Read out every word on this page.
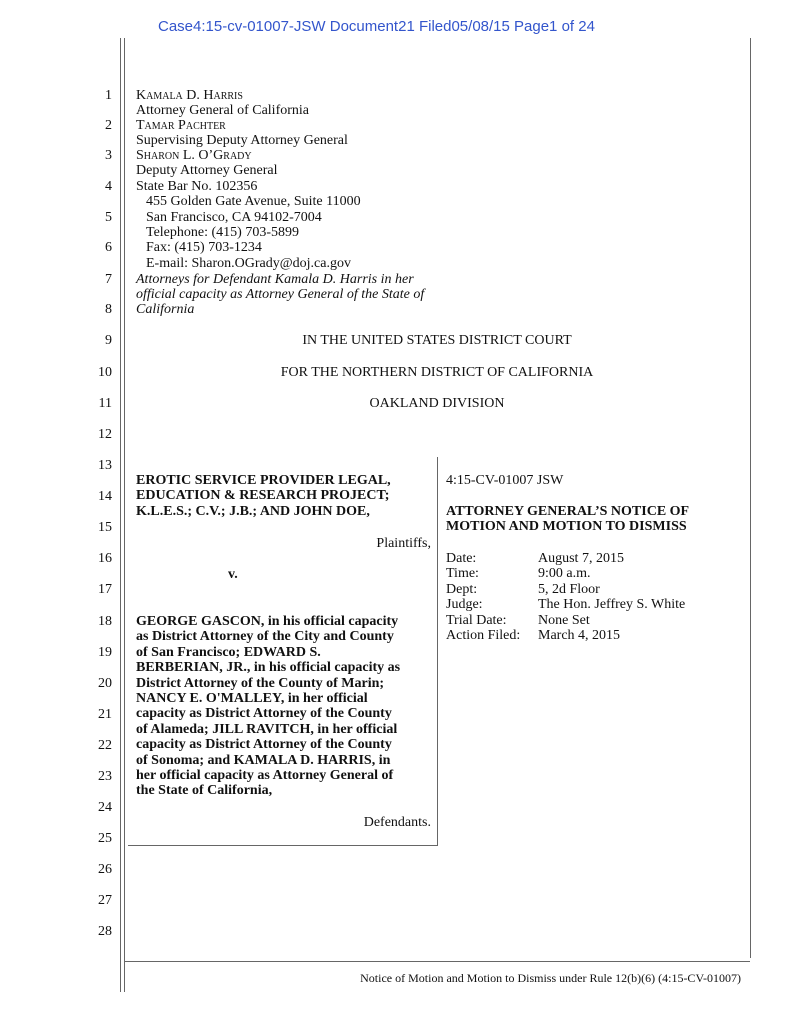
Case4:15-cv-01007-JSW Document21 Filed05/08/15 Page1 of 24
1
2
3
4
5
6
7
8
9
10
11
12
13
14
15
16
17
18
19
20
21
22
23
24
25
26
27
28
Kamala D. Harris
Attorney General of California
Tamar Pachter
Supervising Deputy Attorney General
Sharon L. O’Grady
Deputy Attorney General
State Bar No. 102356
455 Golden Gate Avenue, Suite 11000
San Francisco, CA 94102-7004
Telephone: (415) 703-5899
Fax: (415) 703-1234
E-mail: Sharon.OGrady@doj.ca.gov
Attorneys for Defendant Kamala D. Harris in her
official capacity as Attorney General of the State of
California
IN THE UNITED STATES DISTRICT COURT
FOR THE NORTHERN DISTRICT OF CALIFORNIA
OAKLAND DIVISION
EROTIC SERVICE PROVIDER LEGAL,
EDUCATION & RESEARCH PROJECT;
K.L.E.S.; C.V.; J.B.; AND JOHN DOE,
Plaintiffs,
v.
GEORGE GASCON, in his official capacity
as District Attorney of the City and County
of San Francisco; EDWARD S.
BERBERIAN, JR., in his official capacity as
District Attorney of the County of Marin;
NANCY E. O'MALLEY, in her official
capacity as District Attorney of the County
of Alameda; JILL RAVITCH, in her official
capacity as District Attorney of the County
of Sonoma; and KAMALA D. HARRIS, in
her official capacity as Attorney General of
the State of California,
Defendants.
4:15-CV-01007 JSW
ATTORNEY GENERAL’S NOTICE OF
MOTION AND MOTION TO DISMISS
Date:	August 7, 2015
Time:	9:00 a.m.
Dept:	5, 2d Floor
Judge:	The Hon. Jeffrey S. White
Trial Date: None Set
Action Filed: March 4, 2015
Notice of Motion and Motion to Dismiss under Rule 12(b)(6) (4:15-CV-01007)
